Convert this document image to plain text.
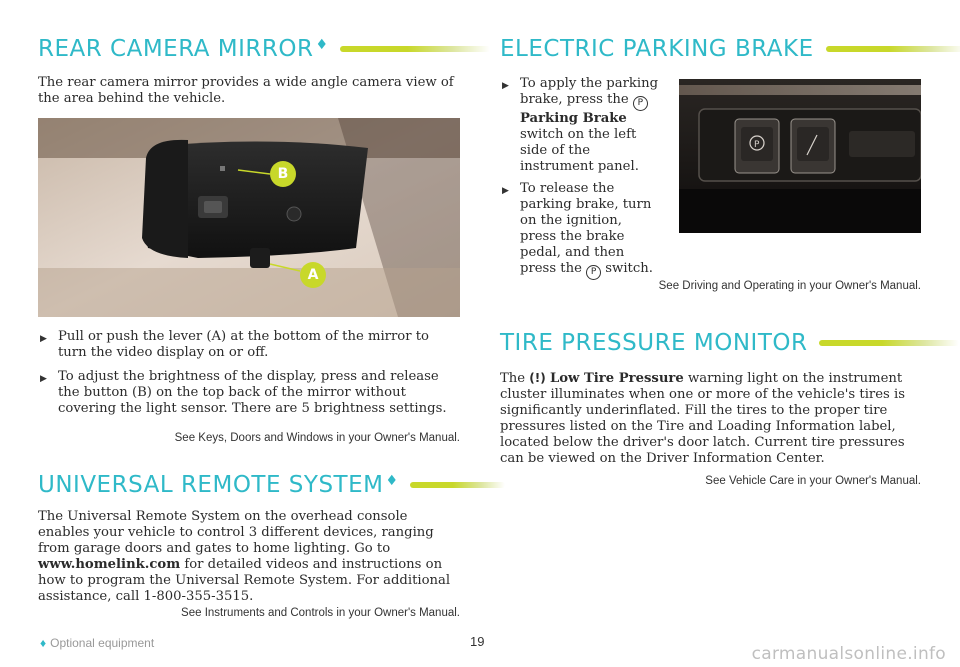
REAR CAMERA MIRROR ♦
The rear camera mirror provides a wide angle camera view of the area behind the vehicle.
B
A
▶ Pull or push the lever (A) at the bottom of the mirror to turn the video display on or off.
▶ To adjust the brightness of the display, press and release the button (B) on the top back of the mirror without covering the light sensor. There are 5 brightness settings.
See Keys, Doors and Windows in your Owner's Manual.
UNIVERSAL REMOTE SYSTEM ♦
The Universal Remote System on the overhead console enables your vehicle to control 3 different devices, ranging from garage doors and gates to home lighting. Go to www.homelink.com for detailed videos and instructions on how to program the Universal Remote System. For additional assistance, call 1-800-355-3515.
See Instruments and Controls in your Owner's Manual.
ELECTRIC PARKING BRAKE
▶ To apply the parking brake, press the P Parking Brake switch on the left side of the instrument panel.
▶ To release the parking brake, turn on the ignition, press the brake pedal, and then press the P switch.
P
See Driving and Operating in your Owner's Manual.
TIRE PRESSURE MONITOR
The (!) Low Tire Pressure warning light on the instrument cluster illuminates when one or more of the vehicle's tires is significantly underinflated. Fill the tires to the proper tire pressures listed on the Tire and Loading Information label, located below the driver's door latch. Current tire pressures can be viewed on the Driver Information Center.
See Vehicle Care in your Owner's Manual.
♦ Optional equipment	19
carmanualsonline.info
